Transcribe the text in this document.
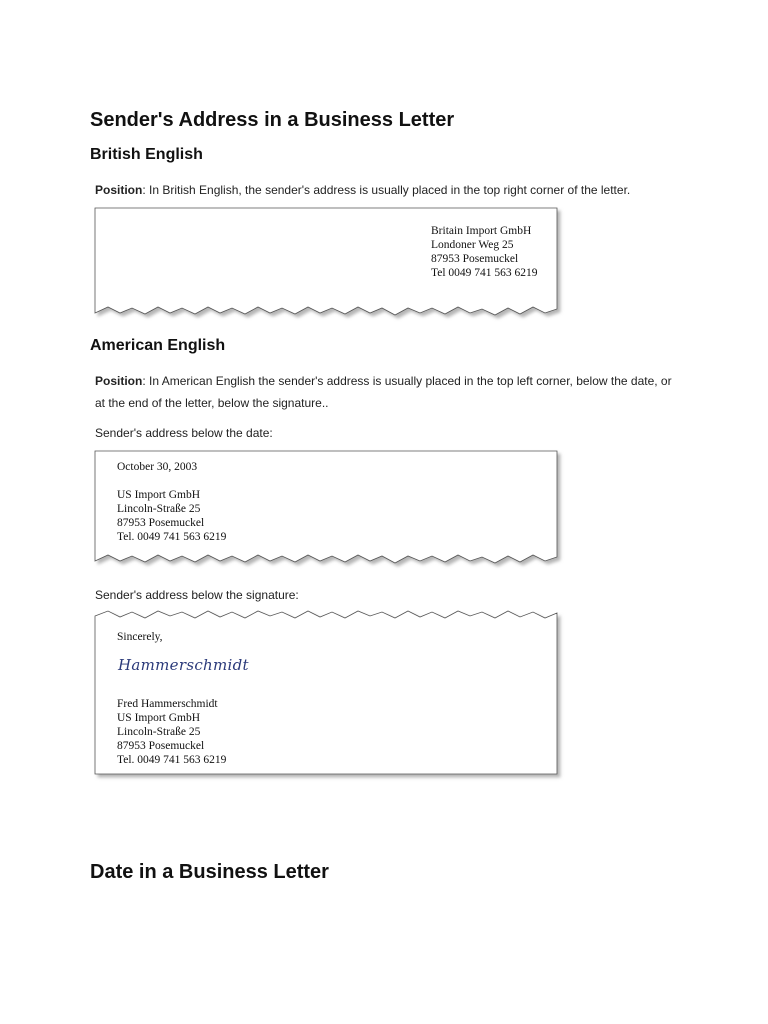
Sender's Address in a Business Letter
British English
Position: In British English, the sender's address is usually placed in the top right corner of the letter.
Britain Import GmbH
Londoner Weg 25
87953 Posemuckel
Tel 0049 741 563 6219
American English
Position: In American English the sender's address is usually placed in the top left corner, below the date, or at the end of the letter, below the signature..
Sender's address below the date:
October 30, 2003
US Import GmbH
Lincoln-Straße 25
87953 Posemuckel
Tel. 0049 741 563 6219
Sender's address below the signature:
Sincerely,
Hammerschmidt
Fred Hammerschmidt
US Import GmbH
Lincoln-Straße 25
87953 Posemuckel
Tel. 0049 741 563 6219
Date in a Business Letter
